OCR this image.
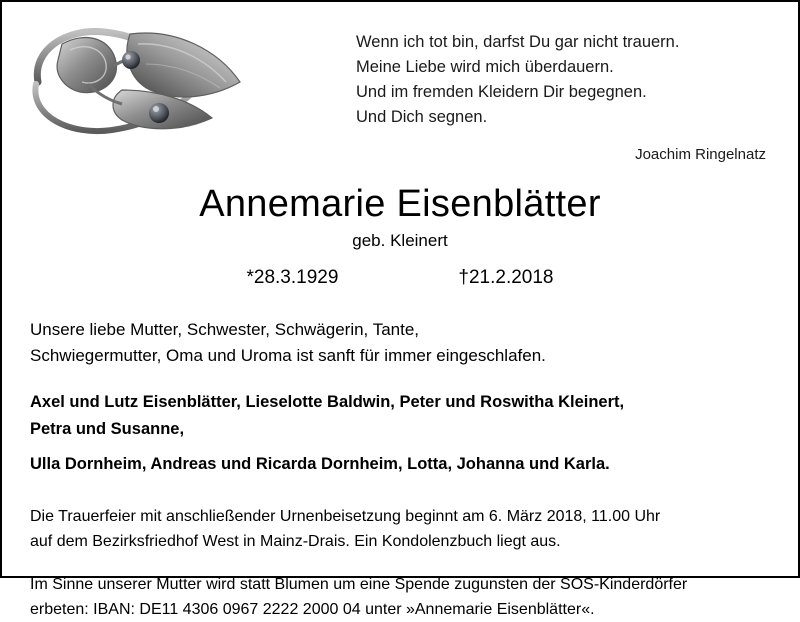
Wenn ich tot bin, darfst Du gar nicht trauern.
Meine Liebe wird mich überdauern.
Und im fremden Kleidern Dir begegnen.
Und Dich segnen.
Joachim Ringelnatz
Annemarie Eisenblätter
geb. Kleinert
*28.3.1929	†21.2.2018
Unsere liebe Mutter, Schwester, Schwägerin, Tante,
Schwiegermutter, Oma und Uroma ist sanft für immer eingeschlafen.
Axel und Lutz Eisenblätter, Lieselotte Baldwin, Peter und Roswitha Kleinert,
Petra und Susanne,
Ulla Dornheim, Andreas und Ricarda Dornheim, Lotta, Johanna und Karla.
Die Trauerfeier mit anschließender Urnenbeisetzung beginnt am 6. März 2018, 11.00 Uhr
auf dem Bezirksfriedhof West in Mainz-Drais. Ein Kondolenzbuch liegt aus.
Im Sinne unserer Mutter wird statt Blumen um eine Spende zugunsten der SOS-Kinderdörfer
erbeten: IBAN: DE11 4306 0967 2222 2000 04 unter »Annemarie Eisenblätter«.
